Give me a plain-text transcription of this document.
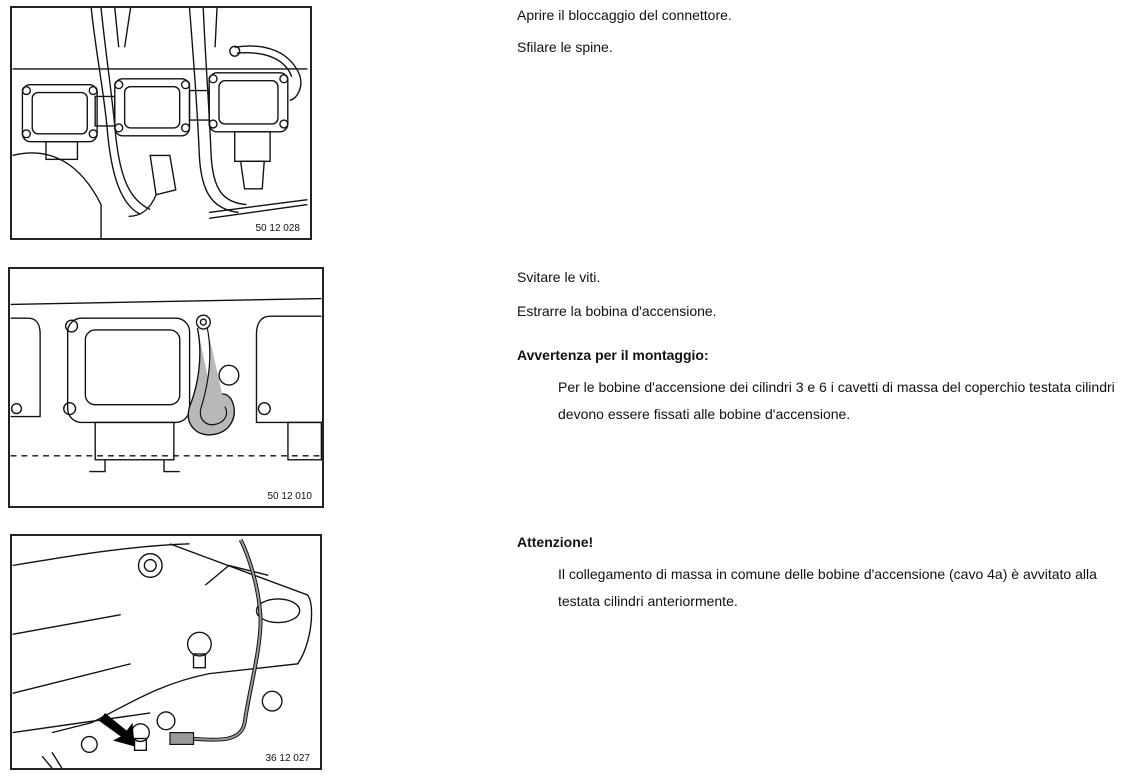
50 12 028
Aprire il bloccaggio del connettore.
Sfilare le spine.
50 12 010
Svitare le viti.
Estrarre la bobina d'accensione.
Avvertenza per il montaggio:
Per le bobine d'accensione dei cilindri 3 e 6 i cavetti di massa del coperchio testata cilindri devono essere fissati alle bobine d'accensione.
36 12 027
Attenzione!
Il collegamento di massa in comune delle bobine d'accensione (cavo 4a) è avvitato alla testata cilindri anteriormente.
